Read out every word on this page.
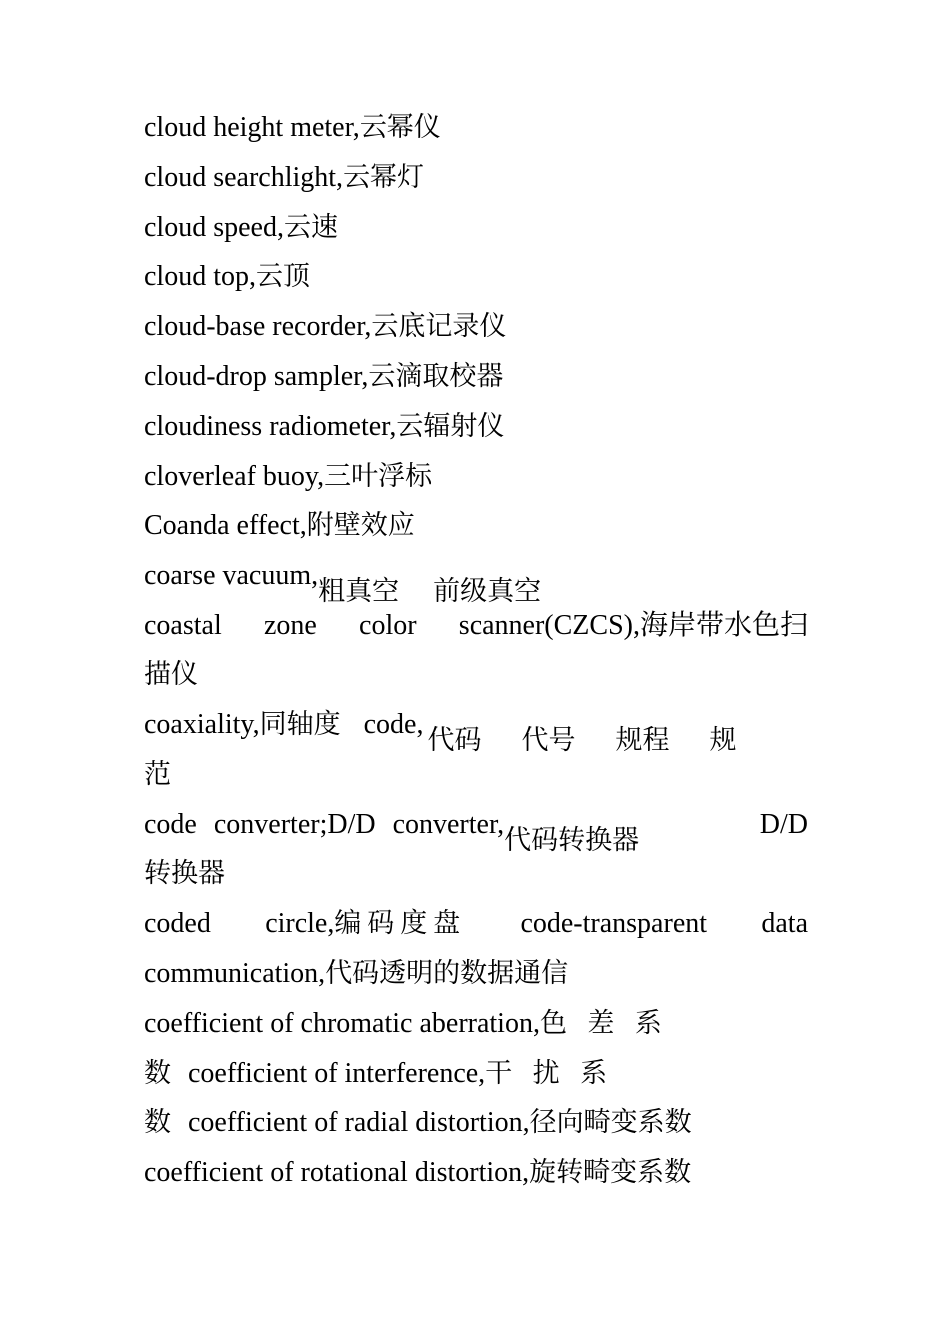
cloud height meter,云幂仪
cloud searchlight,云幂灯
cloud speed,云速
cloud top,云顶
cloud-base recorder,云底记录仪
cloud-drop sampler,云滴取校器
cloudiness radiometer,云辐射仪
cloverleaf buoy,三叶浮标
Coanda effect,附壁效应
coarse vacuum,粗真空 前级真空
coastal zone color scanner(CZCS),海岸带水色扫
描仪
coaxiality,同轴度 code,代码 代号 规程 规
范
code converter;D/D converter,代码转换器
D/D
转换器
coded circle,编码度盘 code-transparent data
communication,代码透明的数据通信
coefficient of chromatic aberration,色 差 系
数 coefficient of interference,干 扰 系
数 coefficient of radial distortion,径向畸变系数
coefficient of rotational distortion,旋转畸变系数
